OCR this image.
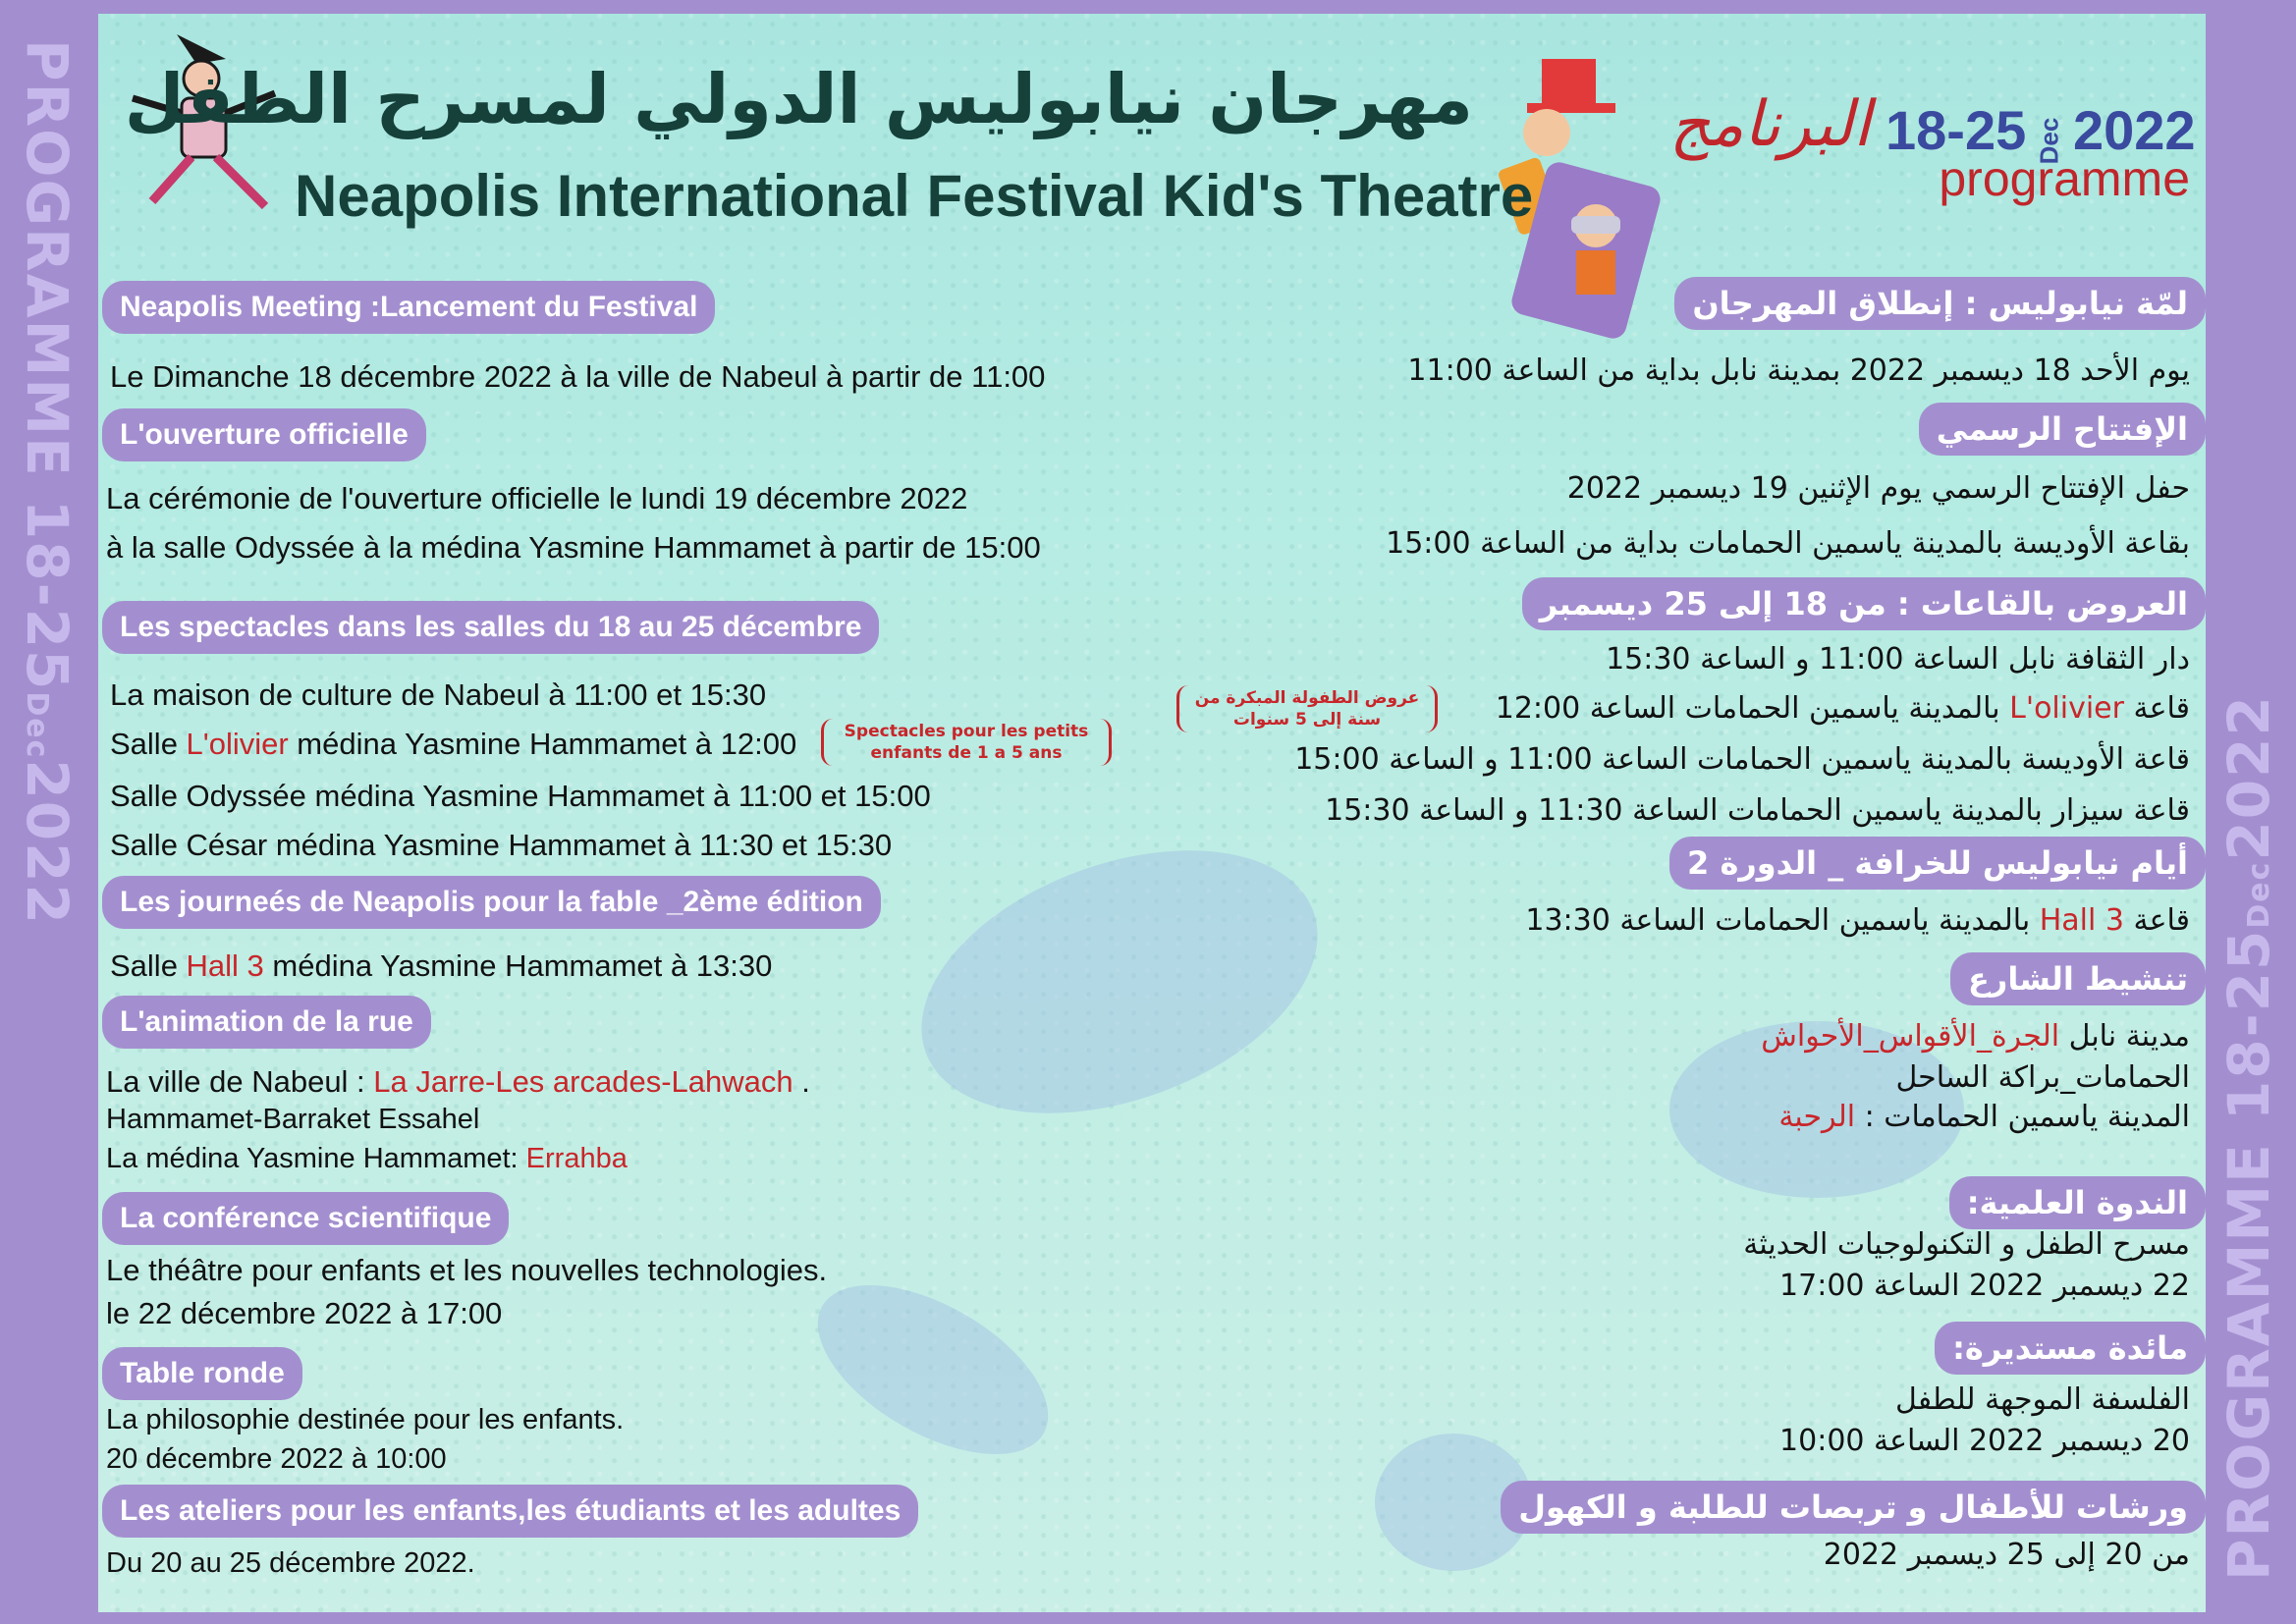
PROGRAMME 18-25Dec2022
PROGRAMME 18-25Dec2022
مهرجان نيابوليس الدولي لمسرح الطفل
Neapolis International Festival Kid's Theatre
البرنامج 18-25 Dec 2022
programme
Neapolis Meeting :Lancement du Festival
Le Dimanche 18 décembre 2022 à la ville de Nabeul à partir de 11:00
L'ouverture officielle
La cérémonie de l'ouverture officielle le lundi 19 décembre 2022
à la salle Odyssée à la médina Yasmine Hammamet à partir de 15:00
Les spectacles dans les salles du 18 au 25 décembre
La maison de culture de Nabeul à 11:00 et 15:30
Salle L'olivier médina Yasmine Hammamet à 12:00	Spectacles pour les petits enfants de 1 a 5 ans
Salle Odyssée médina Yasmine Hammamet à 11:00 et 15:00
Salle César médina Yasmine Hammamet à 11:30 et 15:30
Les journeés de Neapolis pour la fable _2ème édition
Salle Hall 3 médina Yasmine Hammamet à 13:30
L'animation de la rue
La ville de Nabeul : La Jarre-Les arcades-Lahwach .
Hammamet-Barraket Essahel
La médina Yasmine Hammamet: Errahba
La conférence scientifique
Le théâtre pour enfants et les nouvelles technologies.
le 22 décembre 2022 à 17:00
Table ronde
La philosophie destinée pour les enfants.
20 décembre 2022 à 10:00
Les ateliers pour les enfants,les étudiants et les adultes
Du 20 au 25 décembre 2022.
لمّة نيابوليس : إنطلاق المهرجان
يوم الأحد 18 ديسمبر 2022 بمدينة نابل بداية من الساعة 11:00
الإفتتاح الرسمي
حفل الإفتتاح الرسمي يوم الإثنين 19 ديسمبر 2022
بقاعة الأوديسة بالمدينة ياسمين الحمامات بداية من الساعة 15:00
العروض بالقاعات : من 18 إلى 25 ديسمبر
دار الثقافة نابل الساعة 11:00 و الساعة 15:30
قاعة L'olivier بالمدينة ياسمين الحمامات الساعة 12:00
عروض الطفولة المبكرة من سنة إلى 5 سنوات
قاعة الأوديسة بالمدينة ياسمين الحمامات الساعة 11:00 و الساعة 15:00
قاعة سيزار بالمدينة ياسمين الحمامات الساعة 11:30 و الساعة 15:30
أيام نيابوليس للخرافة _ الدورة 2
قاعة Hall 3 بالمدينة ياسمين الحمامات الساعة 13:30
تنشيط الشارع
مدينة نابل الجرة_الأقواس_الأحواش
الحمامات_براكة الساحل
المدينة ياسمين الحمامات : الرحبة
الندوة العلمية:
مسرح الطفل و التكنولوجيات الحديثة
22 ديسمبر 2022 الساعة 17:00
مائدة مستديرة:
الفلسفة الموجهة للطفل
20 ديسمبر 2022 الساعة 10:00
ورشات للأطفال و تربصات للطلبة و الكهول
من 20 إلى 25 ديسمبر 2022
